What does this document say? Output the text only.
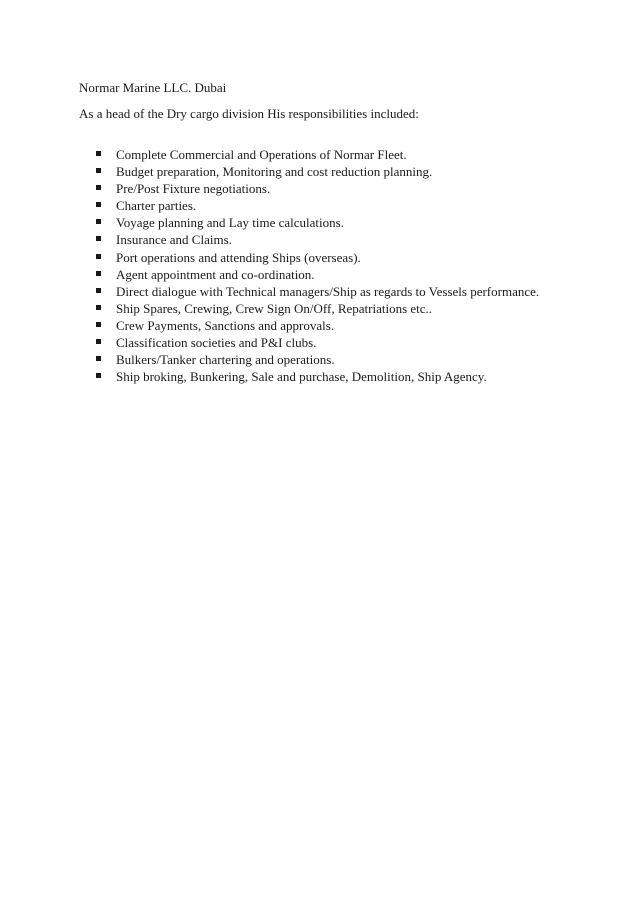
Normar Marine LLC. Dubai
As a head of the Dry cargo division His responsibilities included:
Complete Commercial and Operations of Normar Fleet.
Budget preparation, Monitoring and cost reduction planning.
Pre/Post Fixture negotiations.
Charter parties.
Voyage planning and Lay time calculations.
Insurance and Claims.
Port operations and attending Ships (overseas).
Agent appointment and co-ordination.
Direct dialogue with Technical managers/Ship as regards to Vessels performance.
Ship Spares, Crewing, Crew Sign On/Off, Repatriations etc..
Crew Payments, Sanctions and approvals.
Classification societies and P&I clubs.
Bulkers/Tanker chartering and operations.
Ship broking, Bunkering, Sale and purchase, Demolition, Ship Agency.
